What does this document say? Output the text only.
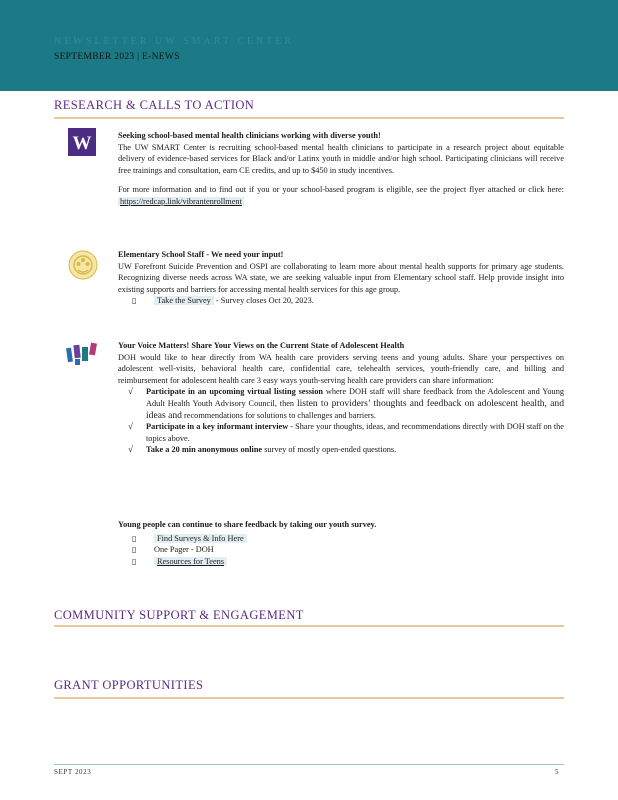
NEWSLETTER UW SMART CENTER
SEPTEMBER 2023 | E-NEWS
RESEARCH & CALLS TO ACTION
W	Seeking school-based mental health clinicians working with diverse youth!

The UW SMART Center is recruiting school-based mental health clinicians to participate in a research project about equitable delivery of evidence-based services for Black and/or Latinx youth in middle and/or high school. Participating clinicians will receive free trainings and consultation, earn CE credits, and up to $450 in study incentives.

For more information and to find out if you or your school-based program is eligible, see the project flyer attached or click here: https://redcap.link/vibrantenrollment

Elementary School Staff - We need your input!

UW Forefront Suicide Prevention and OSPI are collaborating to learn more about mental health supports for primary age students. Recognizing diverse needs across WA state, we are seeking valuable input from Elementary school staff. Help provide insight into existing supports and barriers for accessing mental health services for this age group.

▯ Take the Survey - Survey closes Oct 20, 2023.

Your Voice Matters! Share Your Views on the Current State of Adolescent Health

DOH would like to hear directly from WA health care providers serving teens and young adults. Share your perspectives on adolescent well-visits, behavioral health care, confidential care, telehealth services, youth-friendly care, and billing and reimbursement for adolescent health care 3 easy ways youth-serving health care providers can share information:

√ Participate in an upcoming virtual listing session where DOH staff will share feedback from the Adolescent and Young Adult Health Youth Advisory Council, then listen to providers’ thoughts and feedback on adolescent health, and ideas and recommendations for solutions to challenges and barriers.
√ Participate in a key informant interview - Share your thoughts, ideas, and recommendations directly with DOH staff on the topics above.
√ Take a 20 min anonymous online survey of mostly open-ended questions.

Young people can continue to share feedback by taking our youth survey.

▯ Find Surveys & Info Here
▯ One Pager - DOH
▯ Resources for Teens
COMMUNITY SUPPORT & ENGAGEMENT
GRANT OPPORTUNITIES
SEPT 2023	5
